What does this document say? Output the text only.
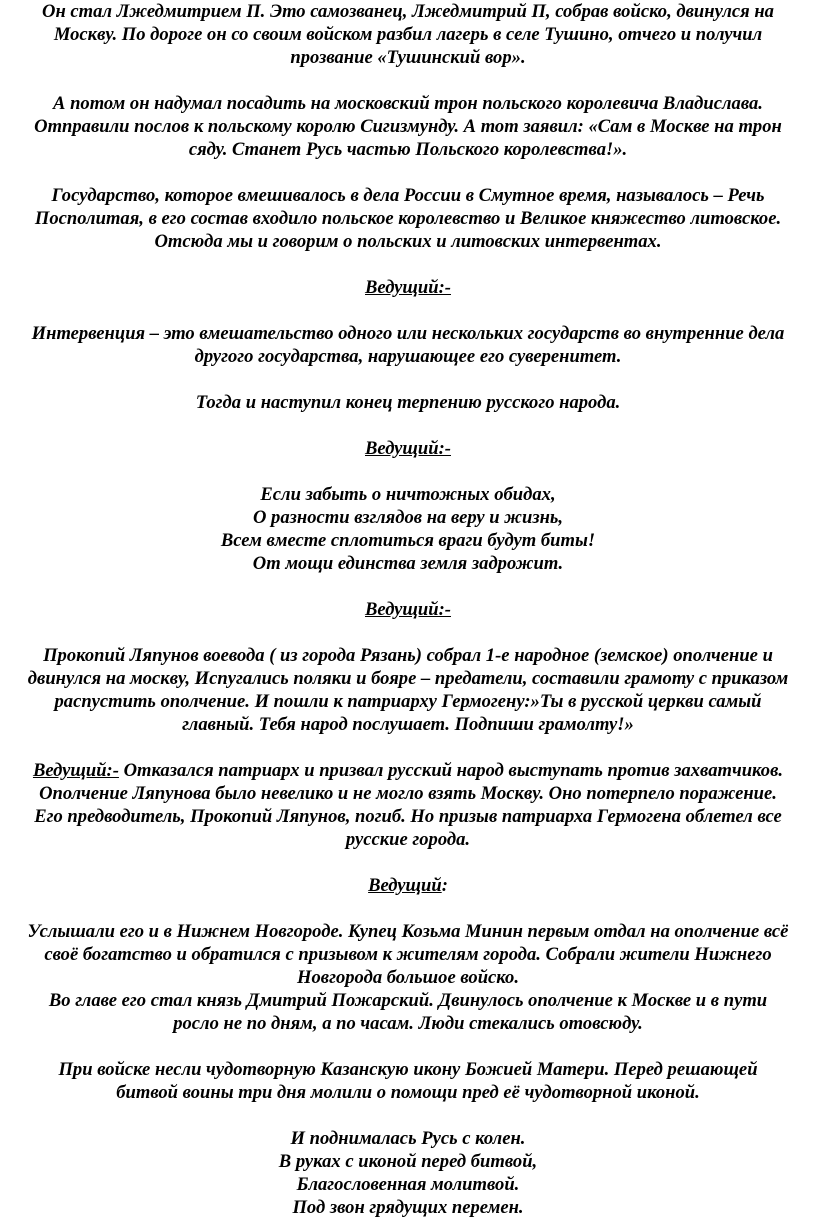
Он стал Лжедмитрием П. Это самозванец, Лжедмитрий П, собрав войско, двинулся на
Москву. По дороге он со своим войском разбил лагерь в селе Тушино, отчего и получил
прозвание «Тушинский вор».
А потом он надумал посадить на московский трон польского королевича Владислава.
Отправили послов к польскому королю Сигизмунду. А тот заявил: «Сам в Москве на трон
сяду. Станет Русь частью Польского королевства!».
Государство, которое вмешивалось в дела России в Смутное время, называлось – Речь
Посполитая, в его состав входило польское королевство и Великое княжество литовское.
Отсюда мы и говорим о польских и литовских интервентах.
Ведущий:-
Интервенция – это вмешательство одного или нескольких государств во внутренние дела
другого государства, нарушающее его суверенитет.
Тогда и наступил конец терпению русского народа.
Ведущий:-
Если забыть о ничтожных обидах,
О разности взглядов на веру и жизнь,
Всем вместе сплотиться враги будут биты!
От мощи единства земля задрожит.
Ведущий:-
Прокопий Ляпунов воевода ( из города Рязань) собрал 1-е народное (земское) ополчение и
двинулся на москву, Испугались поляки и бояре – предатели, составили грамоту с приказом
распустить ополчение. И пошли к патриарху Гермогену:»Ты в русской церкви самый
главный. Тебя народ послушает. Подпиши грамолту!»
Ведущий:- Отказался патриарх и призвал русский народ выступать против захватчиков.
Ополчение Ляпунова было невелико и не могло взять Москву. Оно потерпело поражение.
Его предводитель, Прокопий Ляпунов, погиб. Но призыв патриарха Гермогена облетел все
русские города.
Ведущий:
Услышали его и в Нижнем Новгороде. Купец Козьма Минин первым отдал на ополчение всё
своё богатство и обратился с призывом к жителям города. Собрали жители Нижнего
Новгорода большое войско.
Во главе его стал князь Дмитрий Пожарский. Двинулось ополчение к Москве и в пути
росло не по дням, а по часам. Люди стекались отовсюду.
При войске несли чудотворную Казанскую икону Божией Матери. Перед решающей
битвой воины три дня молили о помощи пред её чудотворной иконой.
И поднималась Русь с колен.
В руках с иконой перед битвой,
Благословенная молитвой.
Под звон грядущих перемен.
